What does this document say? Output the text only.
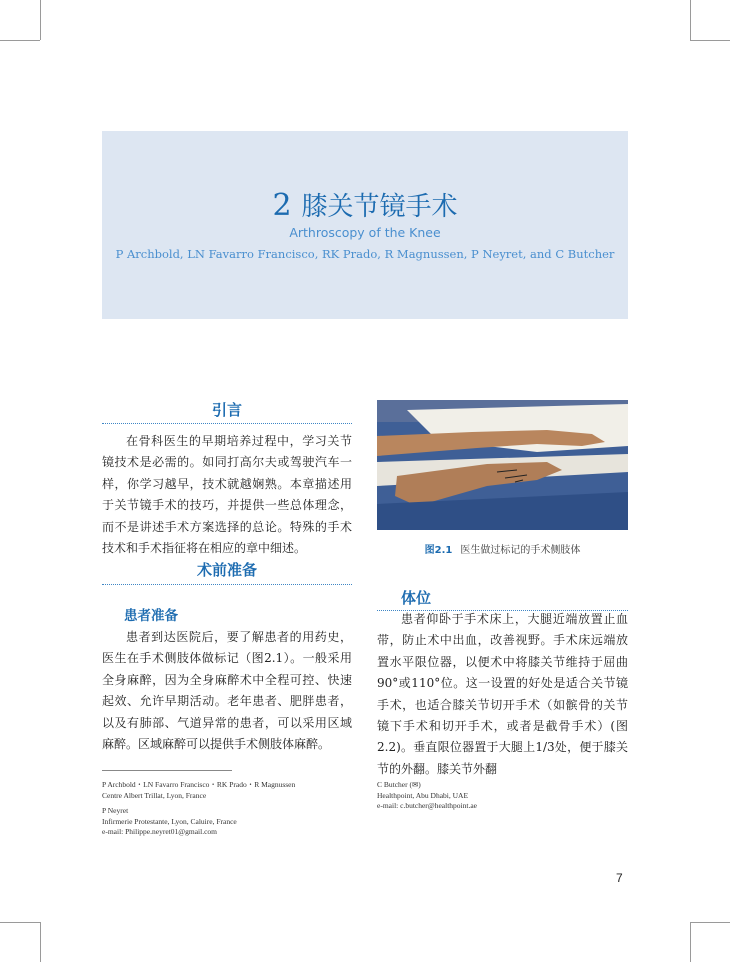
2 膝关节镜手术
Arthroscopy of the Knee
P Archbold, LN Favarro Francisco, RK Prado, R Magnussen, P Neyret, and C Butcher
引言
在骨科医生的早期培养过程中，学习关节镜技术是必需的。如同打高尔夫或驾驶汽车一样，你学习越早，技术就越娴熟。本章描述用于关节镜手术的技巧，并提供一些总体理念，而不是讲述手术方案选择的总论。特殊的手术技术和手术指征将在相应的章中细述。
术前准备
患者准备
患者到达医院后，要了解患者的用药史，医生在手术侧肢体做标记（图2.1）。一般采用全身麻醉，因为全身麻醉术中全程可控、快速起效、允许早期活动。老年患者、肥胖患者，以及有肺部、气道异常的患者，可以采用区域麻醉。区域麻醉可以提供手术侧肢体麻醉。
图2.1 医生做过标记的手术侧肢体
体位
患者仰卧于手术床上，大腿近端放置止血带，防止术中出血，改善视野。手术床远端放置水平限位器，以便术中将膝关节维持于屈曲90°或110°位。这一设置的好处是适合关节镜手术，也适合膝关节切开手术（如髌骨的关节镜下手术和切开手术，或者是截骨手术）(图2.2)。垂直限位器置于大腿上1/3处，便于膝关节的外翻。膝关节外翻
P Archbold・LN Favarro Francisco・RK Prado・R Magnussen
Centre Albert Trillat, Lyon, France
P Neyret
Infirmerie Protestante, Lyon, Caluire, France
e-mail: Philippe.neyret01@gmail.com
C Butcher (✉)
Healthpoint, Abu Dhabi, UAE
e-mail: c.butcher@healthpoint.ae
7
